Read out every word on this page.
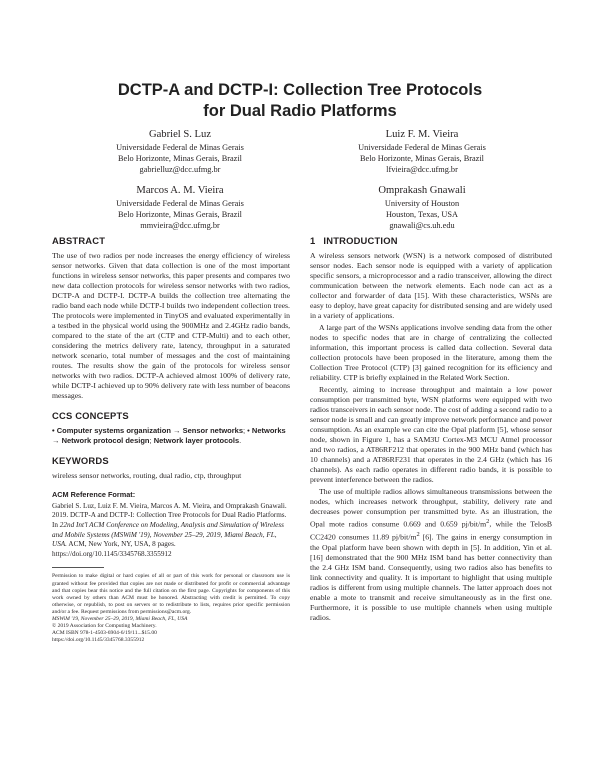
DCTP-A and DCTP-I: Collection Tree Protocols
for Dual Radio Platforms
Gabriel S. Luz
Universidade Federal de Minas Gerais
Belo Horizonte, Minas Gerais, Brazil
gabrielluz@dcc.ufmg.br
Luiz F. M. Vieira
Universidade Federal de Minas Gerais
Belo Horizonte, Minas Gerais, Brazil
lfvieira@dcc.ufmg.br
Marcos A. M. Vieira
Universidade Federal de Minas Gerais
Belo Horizonte, Minas Gerais, Brazil
mmvieira@dcc.ufmg.br
Omprakash Gnawali
University of Houston
Houston, Texas, USA
gnawali@cs.uh.edu
ABSTRACT

The use of two radios per node increases the energy efficiency of wireless sensor networks. Given that data collection is one of the most important functions in wireless sensor networks, this paper presents and compares two new data collection protocols for wireless sensor networks with two radios, DCTP-A and DCTP-I. DCTP-A builds the collection tree alternating the radio band each node while DCTP-I builds two independent collection trees. The protocols were implemented in TinyOS and evaluated experimentally in a testbed in the physical world using the 900MHz and 2.4GHz radio bands, compared to the state of the art (CTP and CTP-Multi) and to each other, considering the metrics delivery rate, latency, throughput in a saturated network scenario, total number of messages and the cost of maintaining routes. The results show the gain of the protocols for wireless sensor networks with two radios. DCTP-A achieved almost 100% of delivery rate, while DCTP-I achieved up to 90% delivery rate with less number of beacons messages.

CCS CONCEPTS
• Computer systems organization → Sensor networks; • Networks → Network protocol design; Network layer protocols.
KEYWORDS

wireless sensor networks, routing, dual radio, ctp, throughput

ACM Reference Format:
Gabriel S. Luz, Luiz F. M. Vieira, Marcos A. M. Vieira, and Omprakash Gnawali. 2019. DCTP-A and DCTP-I: Collection Tree Protocols for Dual Radio Platforms. In 22nd Int'l ACM Conference on Modeling, Analysis and Simulation of Wireless and Mobile Systems (MSWiM '19), November 25–29, 2019, Miami Beach, FL, USA. ACM, New York, NY, USA, 8 pages. https://doi.org/10.1145/3345768.3355912

Permission to make digital or hard copies of all or part of this work for personal or classroom use is granted without fee provided that copies are not made or distributed for profit or commercial advantage and that copies bear this notice and the full citation on the first page. Copyrights for components of this work owned by others than ACM must be honored. Abstracting with credit is permitted. To copy otherwise, or republish, to post on servers or to redistribute to lists, requires prior specific permission and/or a fee. Request permissions from permissions@acm.org.

MSWiM '19, November 25–29, 2019, Miami Beach, FL, USA

© 2019 Association for Computing Machinery.

ACM ISBN 978-1-4503-6904-6/19/11...$15.00

https://doi.org/10.1145/3345768.3355912

1 INTRODUCTION

A wireless sensors network (WSN) is a network composed of distributed sensor nodes. Each sensor node is equipped with a variety of application specific sensors, a microprocessor and a radio transceiver, allowing the direct communication between the network elements. Each node can act as a collector and forwarder of data [15]. With these characteristics, WSNs are easy to deploy, have great capacity for distributed sensing and are widely used in a variety of applications.

A large part of the WSNs applications involve sending data from the other nodes to specific nodes that are in charge of centralizing the collected information, this important process is called data collection. Several data collection protocols have been proposed in the literature, among them the Collection Tree Protocol (CTP) [3] gained recognition for its efficiency and reliability. CTP is briefly explained in the Related Work Section.

Recently, aiming to increase throughput and maintain a low power consumption per transmitted byte, WSN platforms were equipped with two radios transceivers in each sensor node. The cost of adding a second radio to a sensor node is small and can greatly improve network performance and power consumption. As an example we can cite the Opal platform [5], whose sensor node, shown in Figure 1, has a SAM3U Cortex-M3 MCU Atmel processor and two radios, a AT86RF212 that operates in the 900 MHz band (which has 10 channels) and a AT86RF231 that operates in the 2.4 GHz (which has 16 channels). As each radio operates in different radio bands, it is possible to prevent interference between the radios.

The use of multiple radios allows simultaneous transmissions between the nodes, which increases network throughput, stability, delivery rate and decreases power consumption per transmitted byte. As an illustration, the Opal mote radios consume 0.669 and 0.659 $pj/bit/m^2$, while the TelosB CC2420 consumes 11.89 $pj/bit/m^2$ [6]. The gains in energy consumption in the Opal platform have been shown with depth in [5]. In addition, Yin et al. [16] demonstrated that the 900 MHz ISM band has better connectivity than the 2.4 GHz ISM band. Consequently, using two radios also has benefits to link connectivity and quality. It is important to highlight that using multiple radios is different from using multiple channels. The latter approach does not enable a mote to transmit and receive simultaneously as in the first one. Furthermore, it is possible to use multiple channels when using multiple radios.
